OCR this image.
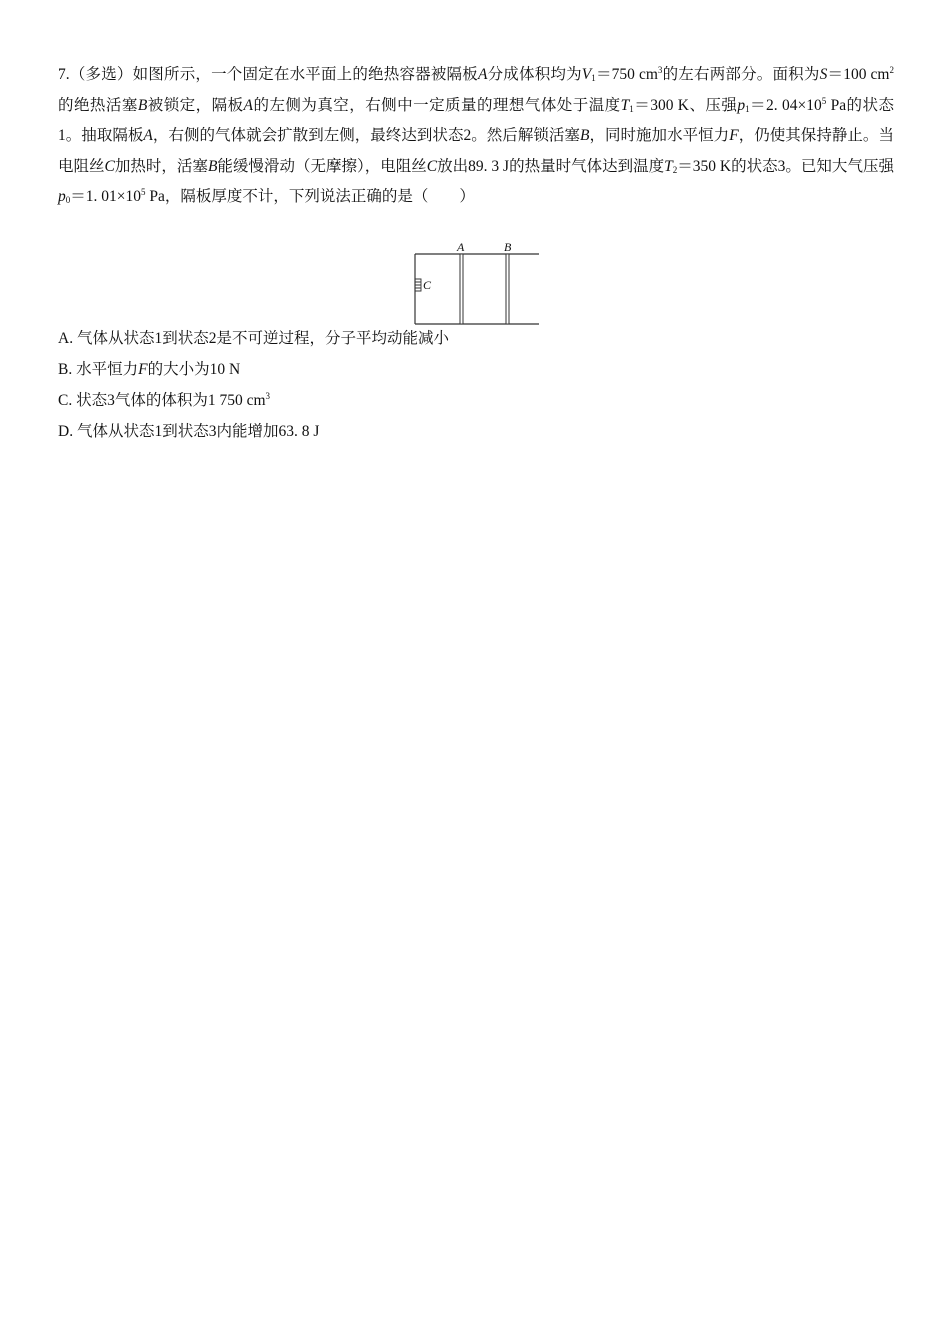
7.（多选）如图所示，一个固定在水平面上的绝热容器被隔板A分成体积均为$V_1=750$ $cm^3$的左右两部分。面积为S＝100 $cm^2$的绝热活塞B被锁定，隔板A的左侧为真空，右侧中一定质量的理想气体处于温度$T_1=300$ K、压强$p_1=2$. $04\times 10^5$ Pa的状态1。抽取隔板A，右侧的气体就会扩散到左侧，最终达到状态2。然后解锁活塞B，同时施加水平恒力F，仍使其保持静止。当电阻丝C加热时，活塞B能缓慢滑动（无摩擦），电阻丝C放出89. 3 J的热量时气体达到温度$T_2=350$ K的状态3。已知大气压强$p_0=1$. $01\times 10^5$ Pa，隔板厚度不计，下列说法正确的是（　　）

A	B
C
A. 气体从状态1到状态2是不可逆过程，分子平均动能减小
B. 水平恒力F的大小为10 N
C. 状态3气体的体积为1 750 $cm^3$
D. 气体从状态1到状态3内能增加63. 8 J
